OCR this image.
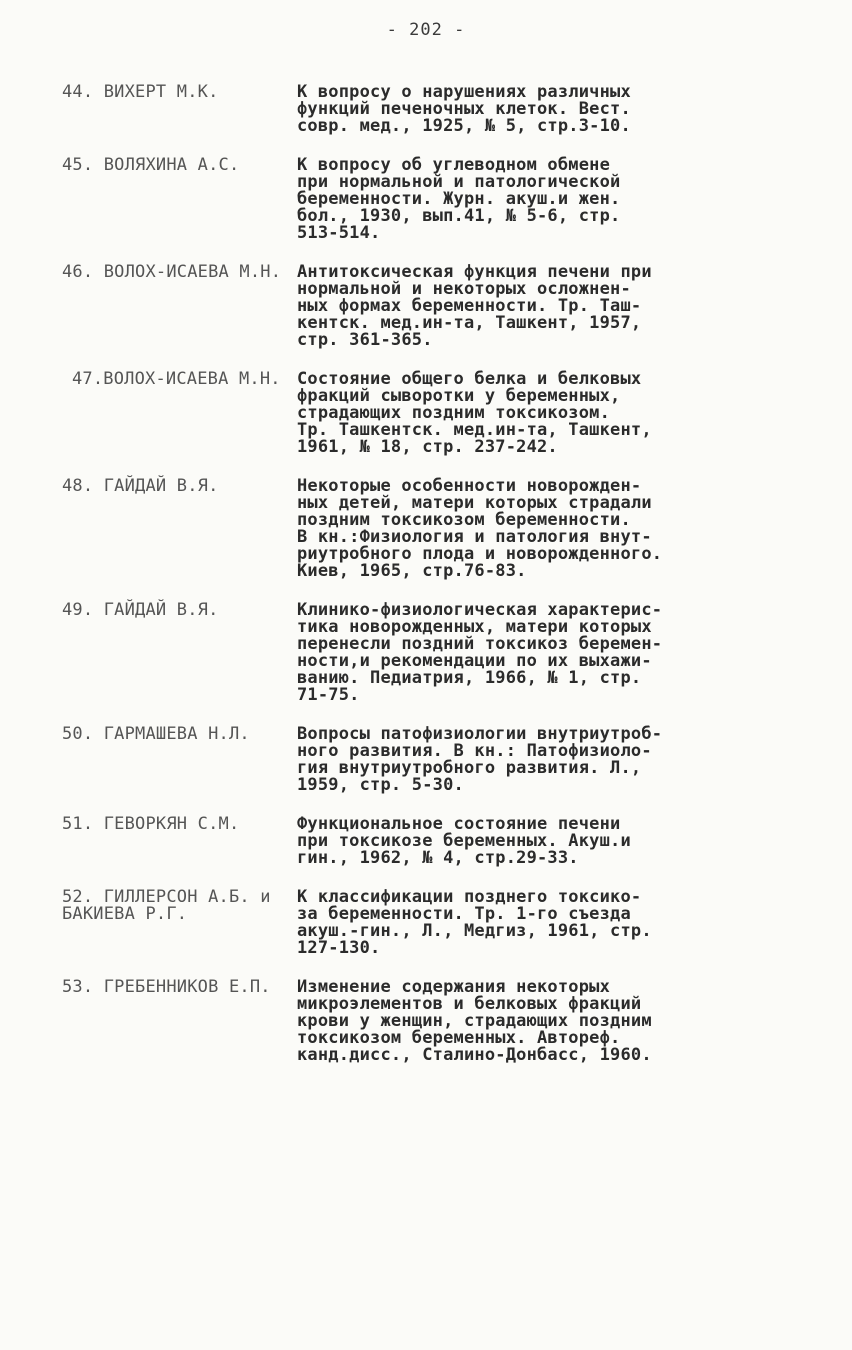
- 202 -
44. ВИХЕРТ М.К.	К вопросу о нарушениях различных
функций печеночных клеток. Вест.
совр. мед., 1925, № 5, стр.3-10.
45. ВОЛЯХИНА А.С.	К вопросу об углеводном обмене
при нормальной и патологической
беременности. Журн. акуш.и жен.
бол., 1930, вып.41, № 5-6, стр.
513-514.
46. ВОЛОХ-ИСАЕВА М.Н. Антитоксическая функция печени при
нормальной и некоторых осложнен-
ных формах беременности. Тр. Таш-
кентск. мед.ин-та, Ташкент, 1957,
стр. 361-365.
47.ВОЛОХ-ИСАЕВА М.Н. Состояние общего белка и белковых
фракций сыворотки у беременных,
страдающих поздним токсикозом.
Тр. Ташкентск. мед.ин-та, Ташкент,
1961, № 18, стр. 237-242.
48. ГАЙДАЙ В.Я.	Некоторые особенности новорожден-
ных детей, матери которых страдали
поздним токсикозом беременности.
В кн.:Физиология и патология внут-
риутробного плода и новорожденного.
Киев, 1965, стр.76-83.
49. ГАЙДАЙ В.Я.	Клинико-физиологическая характерис-
тика новорожденных, матери которых
перенесли поздний токсикоз беремен-
ности,и рекомендации по их выхажи-
ванию. Педиатрия, 1966, № 1, стр.
71-75.
50. ГАРМАШЕВА Н.Л.	Вопросы патофизиологии внутриутроб-
ного развития. В кн.: Патофизиоло-
гия внутриутробного развития. Л.,
1959, стр. 5-30.
51. ГЕВОРКЯН С.М.	Функциональное состояние печени
при токсикозе беременных. Акуш.и
гин., 1962, № 4, стр.29-33.
52. ГИЛЛЕРСОН А.Б. и
БАКИЕВА Р.Г.
К классификации позднего токсико-
за беременности. Тр. 1-го съезда
акуш.-гин., Л., Медгиз, 1961, стр.
127-130.
53. ГРЕБЕННИКОВ Е.П.	Изменение содержания некоторых
микроэлементов и белковых фракций
крови у женщин, страдающих поздним
токсикозом беременных. Автореф.
канд.дисс., Сталино-Донбасс, 1960.
